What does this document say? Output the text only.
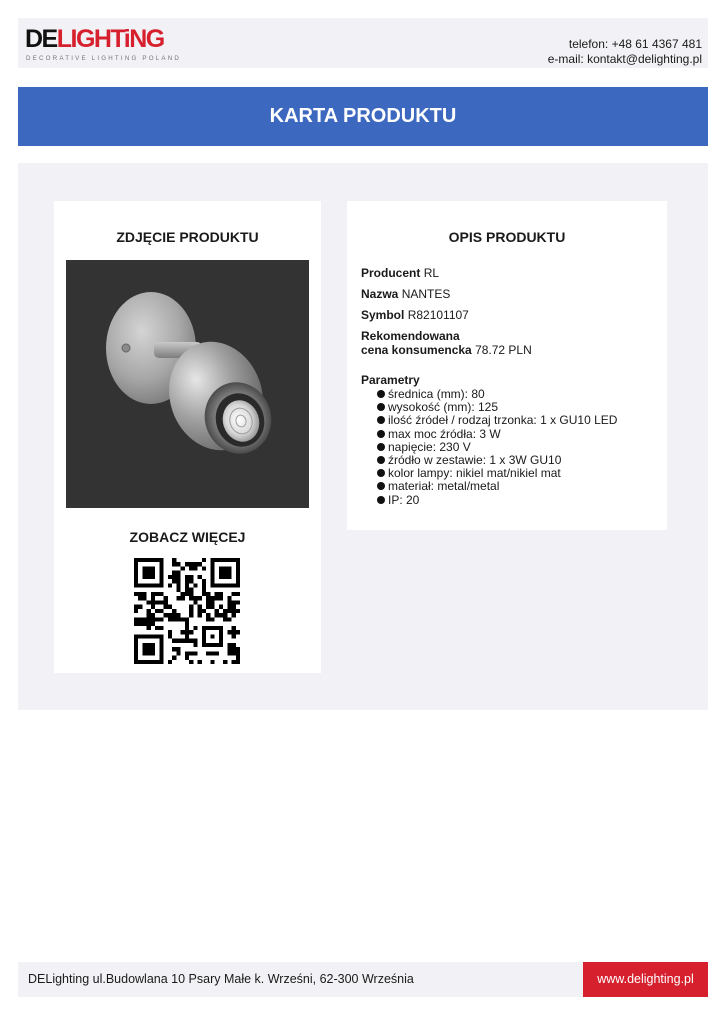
DELIGHTiNG
DECORATIVE LIGHTING POLAND
telefon: +48 61 4367 481
e-mail: kontakt@delighting.pl
KARTA PRODUKTU
ZDJĘCIE PRODUKTU
ZOBACZ WIĘCEJ
OPIS PRODUKTU
Producent RL
Nazwa NANTES
Symbol R82101107
Rekomendowana
cena konsumencka 78.72 PLN
Parametry
średnica (mm): 80
wysokość (mm): 125
ilość źródeł / rodzaj trzonka: 1 x GU10 LED
max moc źródła: 3 W
napięcie: 230 V
źródło w zestawie: 1 x 3W GU10
kolor lampy: nikiel mat/nikiel mat
materiał: metal/metal
IP: 20
DELighting ul.Budowlana 10 Psary Małe k. Wrześni, 62-300 Września	www.delighting.pl
